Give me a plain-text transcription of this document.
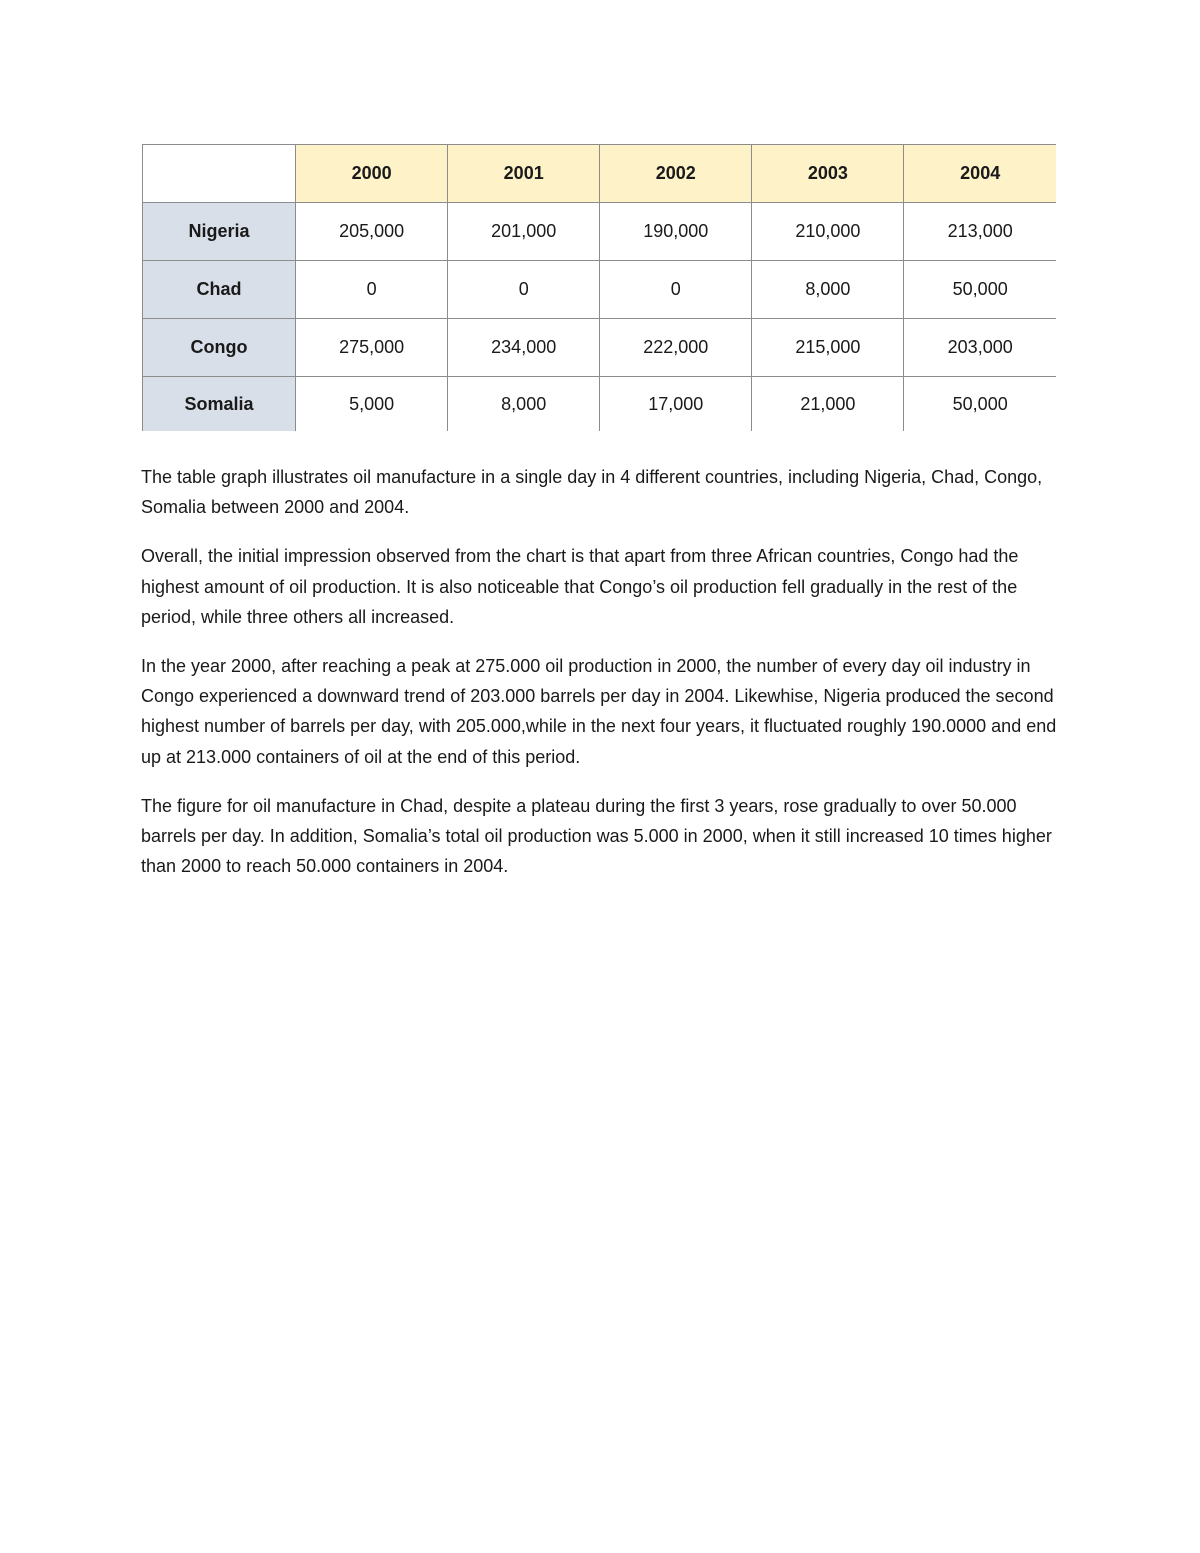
	2000	2001	2002	2003	2004
Nigeria	205,000	201,000	190,000	210,000	213,000
Chad	0	0	0	8,000	50,000
Congo	275,000	234,000	222,000	215,000	203,000
Somalia	5,000	8,000	17,000	21,000	50,000

The table graph illustrates oil manufacture in a single day in 4 different countries, including Nigeria, Chad, Congo, Somalia between 2000 and 2004.

Overall, the initial impression observed from the chart is that apart from three African countries, Congo had the highest amount of oil production. It is also noticeable that Congo’s oil production fell gradually in the rest of the period, while three others all increased.

In the year 2000, after reaching a peak at 275.000 oil production in 2000, the number of every day oil industry in Congo experienced a downward trend of 203.000 barrels per day in 2004. Likewhise, Nigeria produced the second highest number of barrels per day, with 205.000,while in the next four years, it fluctuated roughly 190.0000 and end up at 213.000 containers of oil at the end of this period.

The figure for oil manufacture in Chad, despite a plateau during the first 3 years, rose gradually to over 50.000 barrels per day. In addition, Somalia’s total oil production was 5.000 in 2000, when it still increased 10 times higher than 2000 to reach 50.000 containers in 2004.
